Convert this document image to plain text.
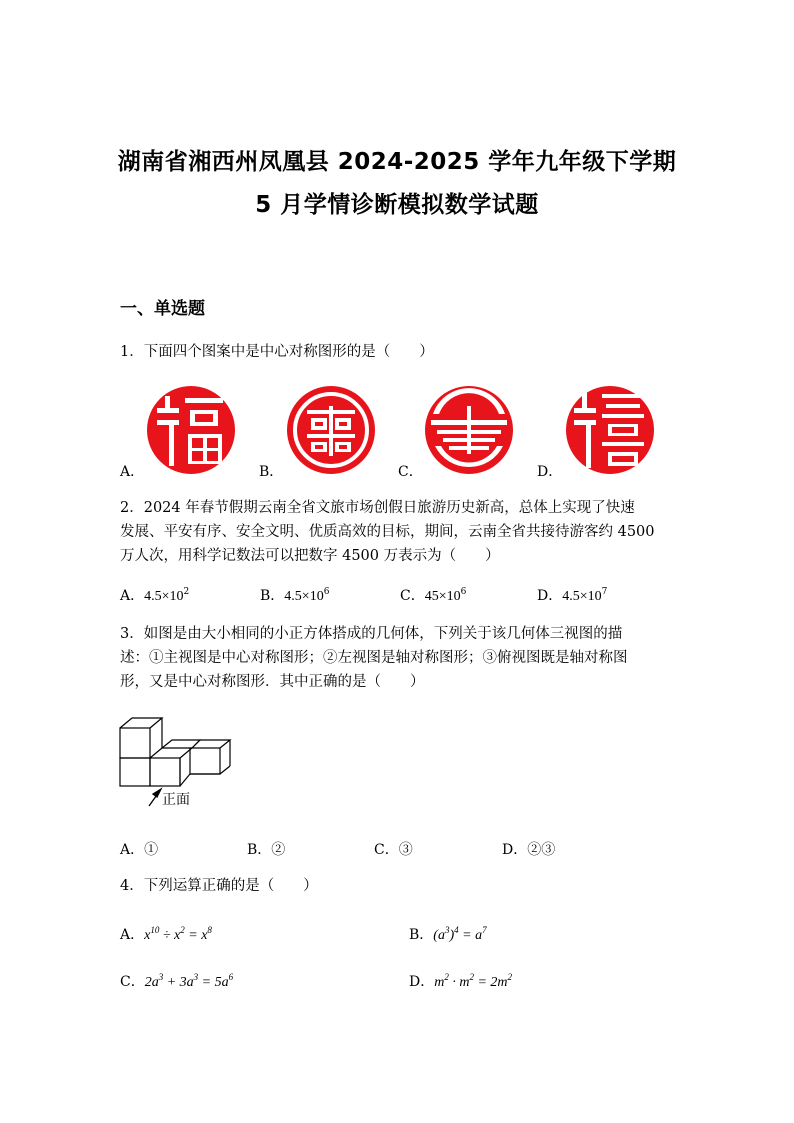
湖南省湘西州凤凰县 2024-2025 学年九年级下学期
5 月学情诊断模拟数学试题
一、单选题
1．下面四个图案中是中心对称图形的是（　　）
A．	B．	C．	D．
2．2024 年春节假期云南全省文旅市场创假日旅游历史新高，总体上实现了快速
发展、平安有序、安全文明、优质高效的目标，期间，云南全省共接待游客约 4500
万人次，用科学记数法可以把数字 4500 万表示为（　　）
A．$4.5\times 10^2$	B．$4.5\times 10^6$	C．$45\times 10^6$	D．$4.5\times 10^7$
3．如图是由大小相同的小正方体搭成的几何体，下列关于该几何体三视图的描
述：①主视图是中心对称图形；②左视图是轴对称图形；③俯视图既是轴对称图
形，又是中心对称图形．其中正确的是（　　）
正面
A．①	B．②	C．③	D．②③
4．下列运算正确的是（　　）
A．$x^{10} \div x^2 = x^8$	B．$(a^3)^4 = a^7$
C．$2a^3 + 3a^3 = 5a^6$	D．$m^2 \cdot m^2 = 2m^2$
